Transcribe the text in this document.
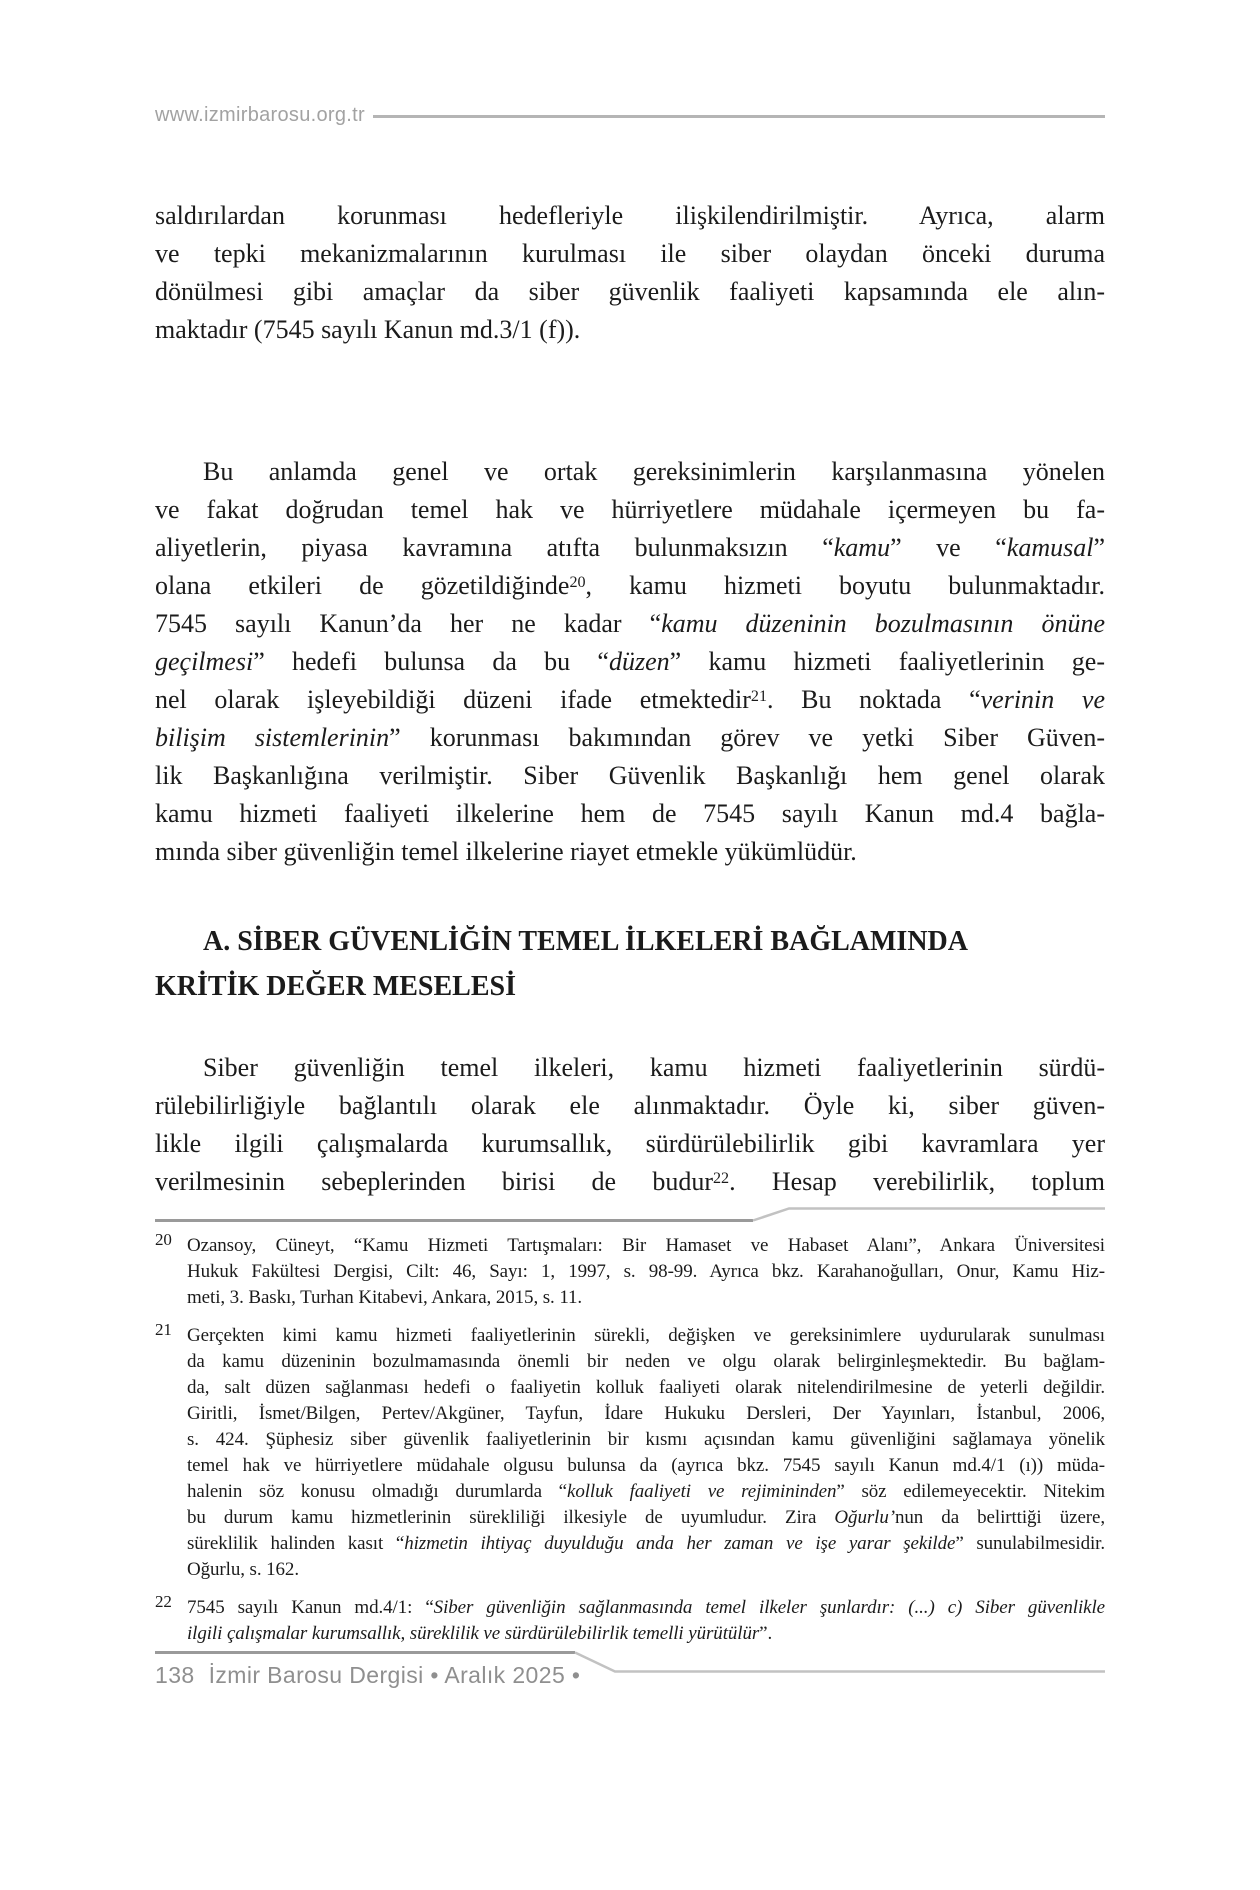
www.izmirbarosu.org.tr
saldırılardan korunması hedefleriyle ilişkilendirilmiştir. Ayrıca, alarm
ve tepki mekanizmalarının kurulması ile siber olaydan önceki duruma
dönülmesi gibi amaçlar da siber güvenlik faaliyeti kapsamında ele alın-
maktadır (7545 sayılı Kanun md.3/1 (f)).
Bu anlamda genel ve ortak gereksinimlerin karşılanmasına yönelen
ve fakat doğrudan temel hak ve hürriyetlere müdahale içermeyen bu fa-
aliyetlerin, piyasa kavramına atıfta bulunmaksızın “kamu” ve “kamusal”
olana etkileri de gözetildiğinde$^{20}$, kamu hizmeti boyutu bulunmaktadır.
7545 sayılı Kanun’da her ne kadar “kamu düzeninin bozulmasının önüne
geçilmesi” hedefi bulunsa da bu “düzen” kamu hizmeti faaliyetlerinin ge-
nel olarak işleyebildiği düzeni ifade etmektedir$^{21}$. Bu noktada “verinin ve
bilişim sistemlerinin” korunması bakımından görev ve yetki Siber Güven-
lik Başkanlığına verilmiştir. Siber Güvenlik Başkanlığı hem genel olarak
kamu hizmeti faaliyeti ilkelerine hem de 7545 sayılı Kanun md.4 bağla-
mında siber güvenliğin temel ilkelerine riayet etmekle yükümlüdür.
A. SİBER GÜVENLİĞİN TEMEL İLKELERİ BAĞLAMINDA
KRİTİK DEĞER MESELESİ
Siber güvenliğin temel ilkeleri, kamu hizmeti faaliyetlerinin sürdü-
rülebilirliğiyle bağlantılı olarak ele alınmaktadır. Öyle ki, siber güven-
likle ilgili çalışmalarda kurumsallık, sürdürülebilirlik gibi kavramlara yer
verilmesinin sebeplerinden birisi de budur$^{22}$. Hesap verebilirlik, toplum
20 Ozansoy, Cüneyt, “Kamu Hizmeti Tartışmaları: Bir Hamaset ve Habaset Alanı”, Ankara Üniversitesi
Hukuk Fakültesi Dergisi, Cilt: 46, Sayı: 1, 1997, s. 98-99. Ayrıca bkz. Karahanoğulları, Onur, Kamu Hiz-
meti, 3. Baskı, Turhan Kitabevi, Ankara, 2015, s. 11.
21 Gerçekten kimi kamu hizmeti faaliyetlerinin sürekli, değişken ve gereksinimlere uydurularak sunulması
da kamu düzeninin bozulmamasında önemli bir neden ve olgu olarak belirginleşmektedir. Bu bağlam-
da, salt düzen sağlanması hedefi o faaliyetin kolluk faaliyeti olarak nitelendirilmesine de yeterli değildir.
Giritli, İsmet/Bilgen, Pertev/Akgüner, Tayfun, İdare Hukuku Dersleri, Der Yayınları, İstanbul, 2006,
s. 424. Şüphesiz siber güvenlik faaliyetlerinin bir kısmı açısından kamu güvenliğini sağlamaya yönelik
temel hak ve hürriyetlere müdahale olgusu bulunsa da (ayrıca bkz. 7545 sayılı Kanun md.4/1 (ı)) müda-
halenin söz konusu olmadığı durumlarda “kolluk faaliyeti ve rejimininden” söz edilemeyecektir. Nitekim
bu durum kamu hizmetlerinin sürekliliği ilkesiyle de uyumludur. Zira Oğurlu’nun da belirttiği üzere,
süreklilik halinden kasıt “hizmetin ihtiyaç duyulduğu anda her zaman ve işe yarar şekilde” sunulabilmesidir.
Oğurlu, s. 162.
22 7545 sayılı Kanun md.4/1: “Siber güvenliğin sağlanmasında temel ilkeler şunlardır: (...) c) Siber güvenlikle
ilgili çalışmalar kurumsallık, süreklilik ve sürdürülebilirlik temelli yürütülür”.
138 İzmir Barosu Dergisi • Aralık 2025 •
